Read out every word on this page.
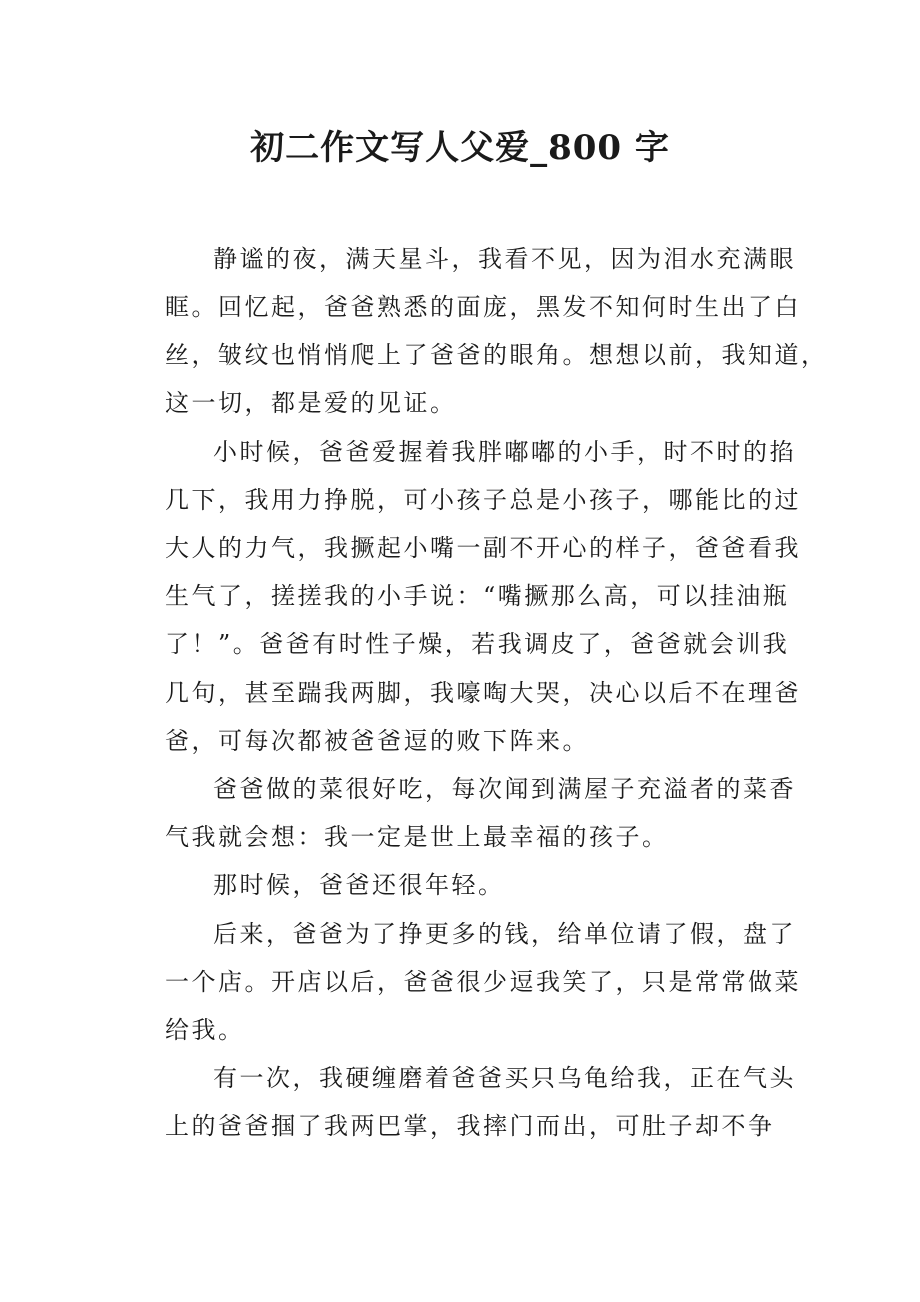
初二作文写人父爱_800 字
静谧的夜，满天星斗，我看不见，因为泪水充满眼
眶。回忆起，爸爸熟悉的面庞，黑发不知何时生出了白
丝，皱纹也悄悄爬上了爸爸的眼角。想想以前，我知道，
这一切，都是爱的见证。
小时候，爸爸爱握着我胖嘟嘟的小手，时不时的掐
几下，我用力挣脱，可小孩子总是小孩子，哪能比的过
大人的力气，我撅起小嘴一副不开心的样子，爸爸看我
生气了，搓搓我的小手说：“嘴撅那么高，可以挂油瓶
了！”。爸爸有时性子燥，若我调皮了，爸爸就会训我
几句，甚至踹我两脚，我嚎啕大哭，决心以后不在理爸
爸，可每次都被爸爸逗的败下阵来。
爸爸做的菜很好吃，每次闻到满屋子充溢者的菜香
气我就会想：我一定是世上最幸福的孩子。
那时候，爸爸还很年轻。
后来，爸爸为了挣更多的钱，给单位请了假，盘了
一个店。开店以后，爸爸很少逗我笑了，只是常常做菜
给我。
有一次，我硬缠磨着爸爸买只乌龟给我，正在气头
上的爸爸掴了我两巴掌，我摔门而出，可肚子却不争
